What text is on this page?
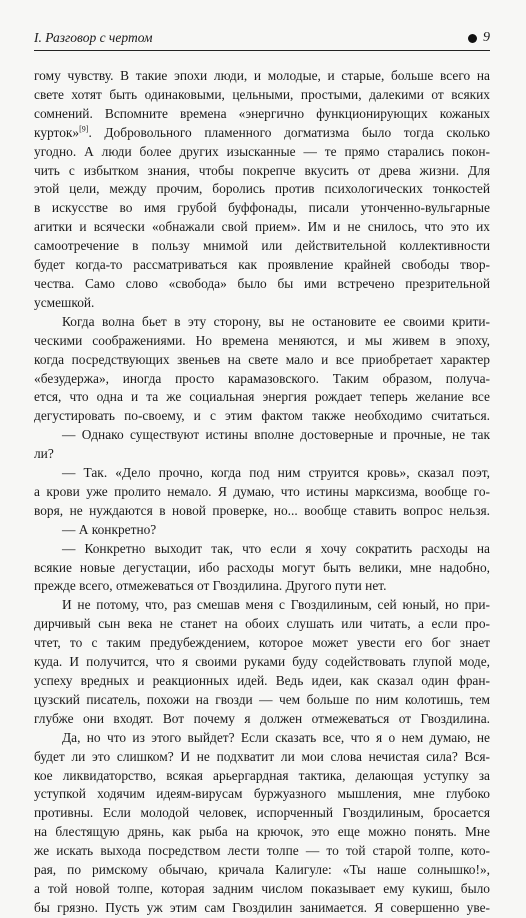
I. Разговор с чертом	9
гому чувству. В такие эпохи люди, и молодые, и старые, больше всего на
свете хотят быть одинаковыми, цельными, простыми, далекими от всяких
сомнений. Вспомните времена «энергично функционирующих кожаных
курток»[9]. Добровольного пламенного догматизма было тогда сколько
угодно. А люди более других изысканные — те прямо старались покон-
чить с избытком знания, чтобы покрепче вкусить от древа жизни. Для
этой цели, между прочим, боролись против психологических тонкостей
в искусстве во имя грубой буффонады, писали утонченно-вульгарные
агитки и всячески «обнажали свой прием». Им и не снилось, что это их
самоотречение в пользу мнимой или действительной коллективности
будет когда-то рассматриваться как проявление крайней свободы твор-
чества. Само слово «свобода» было бы ими встречено презрительной
усмешкой.
Когда волна бьет в эту сторону, вы не остановите ее своими крити-
ческими соображениями. Но времена меняются, и мы живем в эпоху,
когда посредствующих звеньев на свете мало и все приобретает характер
«безудержа», иногда просто карамазовского. Таким образом, получа-
ется, что одна и та же социальная энергия рождает теперь желание все
дегустировать по-своему, и с этим фактом также необходимо считаться.
— Однако существуют истины вполне достоверные и прочные, не так
ли?
— Так. «Дело прочно, когда под ним струится кровь», сказал поэт,
а крови уже пролито немало. Я думаю, что истины марксизма, вообще го-
воря, не нуждаются в новой проверке, но... вообще ставить вопрос нельзя.
— А конкретно?
— Конкретно выходит так, что если я хочу сократить расходы на
всякие новые дегустации, ибо расходы могут быть велики, мне надобно,
прежде всего, отмежеваться от Гвоздилина. Другого пути нет.
И не потому, что, раз смешав меня с Гвоздилиным, сей юный, но при-
дирчивый сын века не станет на обоих слушать или читать, а если про-
чтет, то с таким предубеждением, которое может увести его бог знает
куда. И получится, что я своими руками буду содействовать глупой моде,
успеху вредных и реакционных идей. Ведь идеи, как сказал один фран-
цузский писатель, похожи на гвозди — чем больше по ним колотишь, тем
глубже они входят. Вот почему я должен отмежеваться от Гвоздилина.
Да, но что из этого выйдет? Если сказать все, что я о нем думаю, не
будет ли это слишком? И не подхватит ли мои слова нечистая сила? Вся-
кое ликвидаторство, всякая арьергардная тактика, делающая уступку за
уступкой ходячим идеям-вирусам буржуазного мышления, мне глубоко
противны. Если молодой человек, испорченный Гвоздилиным, бросается
на блестящую дрянь, как рыба на крючок, это еще можно понять. Мне
же искать выхода посредством лести толпе — то той старой толпе, кото-
рая, по римскому обычаю, кричала Калигуле: «Ты наше солнышко!»,
а той новой толпе, которая задним числом показывает ему кукиш, было
бы грязно. Пусть уж этим сам Гвоздилин занимается. Я совершенно уве-
